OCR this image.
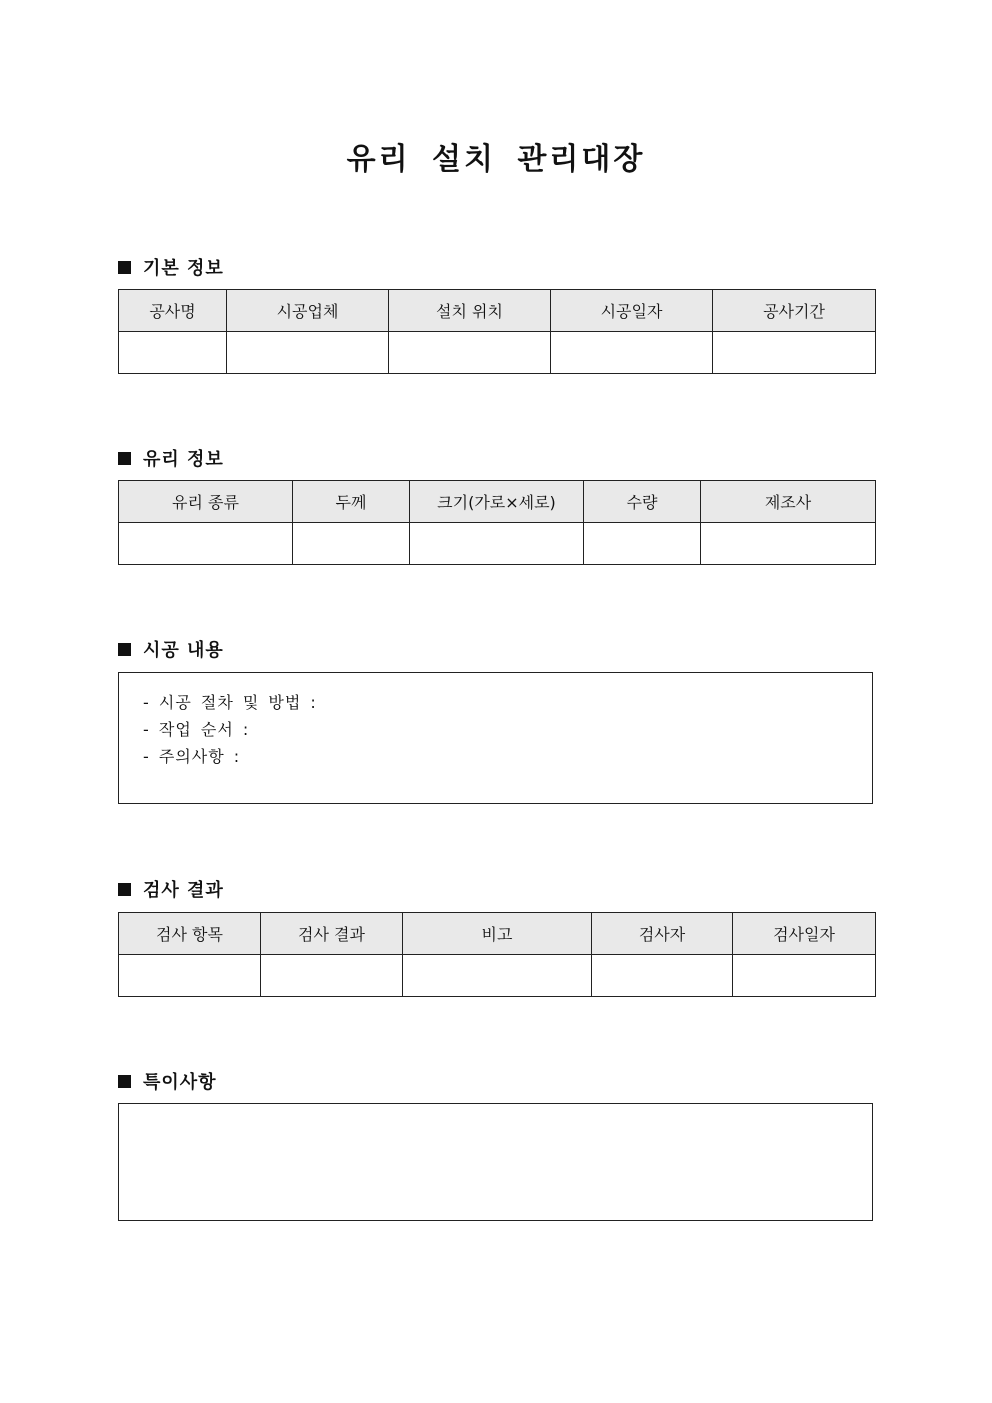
유리 설치 관리대장
기본 정보
공사명	시공업체	설치 위치	시공일자	공사기간

유리 정보
유리 종류	두께	크기(가로×세로)	수량	제조사

시공 내용
- 시공 절차 및 방법 :
- 작업 순서 :
- 주의사항 :
검사 결과
검사 항목	검사 결과	비고	검사자	검사일자

특이사항
